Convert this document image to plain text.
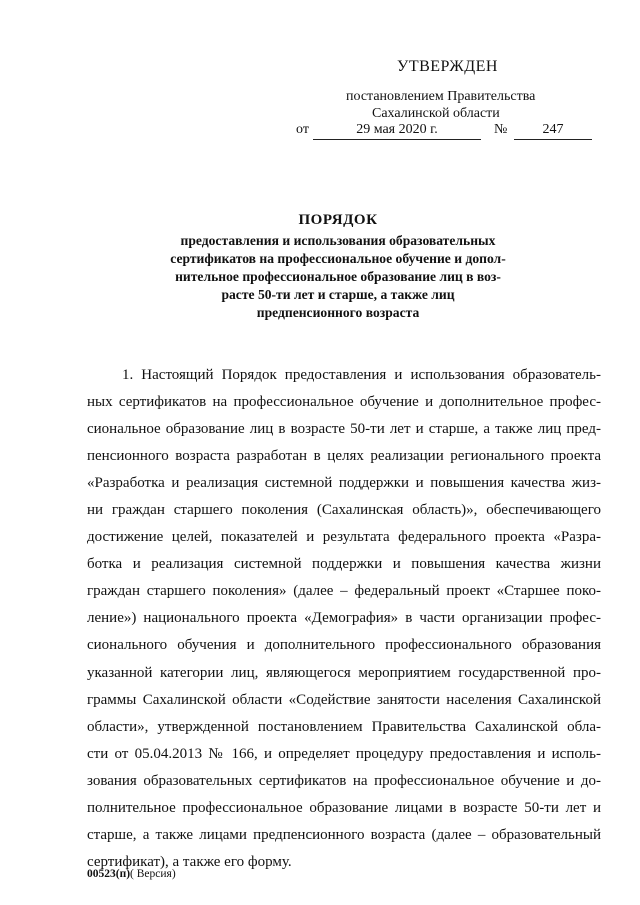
УТВЕРЖДЕН
постановлением Правительства
Сахалинской области
от	29 мая 2020 г.	№	247
ПОРЯДОК
предоставления и использования образовательных
сертификатов на профессиональное обучение и допол-
нительное профессиональное образование лиц в воз-
расте 50-ти лет и старше, а также лиц
предпенсионного возраста
1. Настоящий Порядок предоставления и использования образователь-
ных сертификатов на профессиональное обучение и дополнительное профес-
сиональное образование лиц в возрасте 50-ти лет и старше, а также лиц пред-
пенсионного возраста разработан в целях реализации регионального проекта
«Разработка и реализация системной поддержки и повышения качества жиз-
ни граждан старшего поколения (Сахалинская область)», обеспечивающего
достижение целей, показателей и результата федерального проекта «Разра-
ботка и реализация системной поддержки и повышения качества жизни
граждан старшего поколения» (далее – федеральный проект «Старшее поко-
ление») национального проекта «Демография» в части организации профес-
сионального обучения и дополнительного профессионального образования
указанной категории лиц, являющегося мероприятием государственной про-
граммы Сахалинской области «Содействие занятости населения Сахалинской
области», утвержденной постановлением Правительства Сахалинской обла-
сти от 05.04.2013 № 166, и определяет процедуру предоставления и исполь-
зования образовательных сертификатов на профессиональное обучение и до-
полнительное профессиональное образование лицами в возрасте 50-ти лет и
старше, а также лицами предпенсионного возраста (далее – образовательный
сертификат), а также его форму.
00523(п)( Версия)
